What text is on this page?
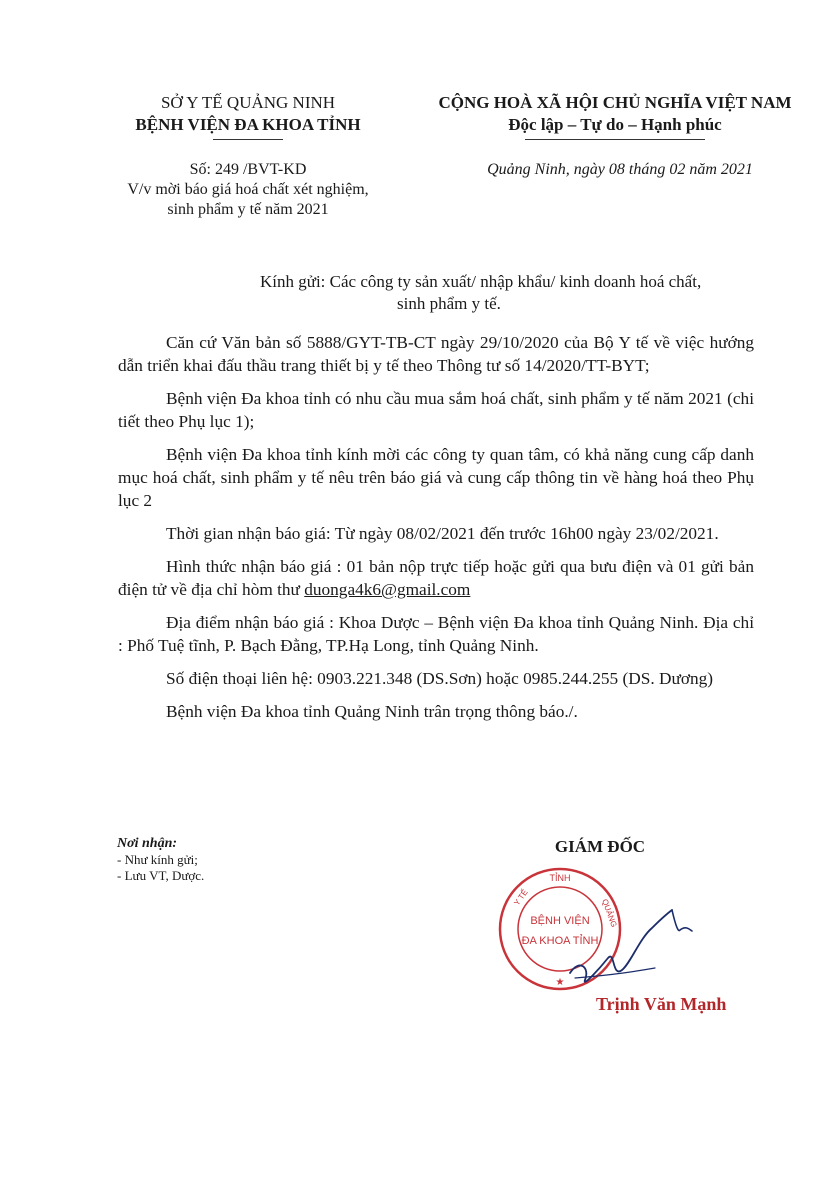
SỞ Y TẾ QUẢNG NINH
BỆNH VIỆN ĐA KHOA TỈNH
CỘNG HOÀ XÃ HỘI CHỦ NGHĨA VIỆT NAM
Độc lập – Tự do – Hạnh phúc
Số: 249 /BVT-KD
V/v mời báo giá hoá chất xét nghiệm,
sinh phẩm y tế năm 2021
Quảng Ninh, ngày 08 tháng 02 năm 2021
Kính gửi: Các công ty sản xuất/ nhập khẩu/ kinh doanh hoá chất,
sinh phẩm y tế.

Căn cứ Văn bản số 5888/GYT-TB-CT ngày 29/10/2020 của Bộ Y tế về việc hướng dẫn triển khai đấu thầu trang thiết bị y tế theo Thông tư số 14/2020/TT-BYT;

Bệnh viện Đa khoa tỉnh có nhu cầu mua sắm hoá chất, sinh phẩm y tế năm 2021 (chi tiết theo Phụ lục 1);

Bệnh viện Đa khoa tỉnh kính mời các công ty quan tâm, có khả năng cung cấp danh mục hoá chất, sinh phẩm y tế nêu trên báo giá và cung cấp thông tin về hàng hoá theo Phụ lục 2

Thời gian nhận báo giá: Từ ngày 08/02/2021 đến trước 16h00 ngày 23/02/2021.

Hình thức nhận báo giá : 01 bản nộp trực tiếp hoặc gửi qua bưu điện và 01 gửi bản điện tử về địa chỉ hòm thư duonga4k6@gmail.com

Địa điểm nhận báo giá : Khoa Dược – Bệnh viện Đa khoa tỉnh Quảng Ninh. Địa chỉ : Phố Tuệ tĩnh, P. Bạch Đằng, TP.Hạ Long, tỉnh Quảng Ninh.

Số điện thoại liên hệ: 0903.221.348 (DS.Sơn) hoặc 0985.244.255 (DS. Dương)

Bệnh viện Đa khoa tỉnh Quảng Ninh trân trọng thông báo./.

Nơi nhận:
- Như kính gửi;
- Lưu VT, Dược.
GIÁM ĐỐC
TỈNH
QUẢNG
Y TẾ
BỆNH VIỆN
ĐA KHOA TỈNH
★
Trịnh Văn Mạnh
